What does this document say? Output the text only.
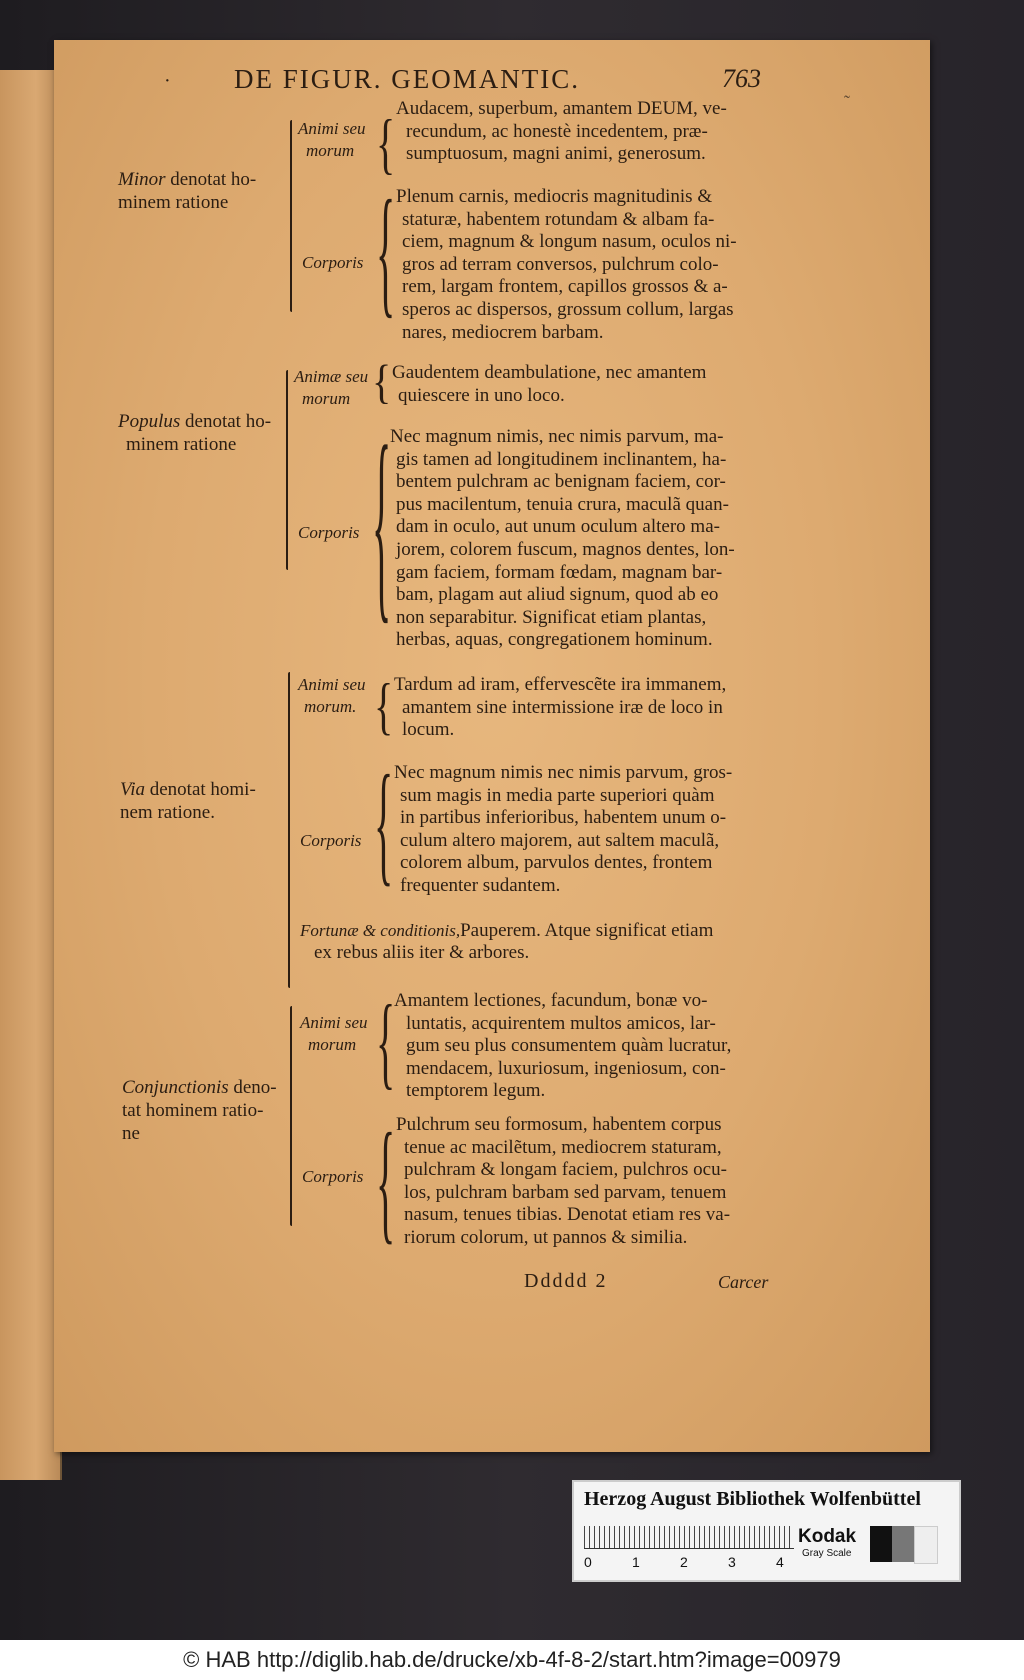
· DE FIGUR. GEOMANTIC.	763
˜
Minor denotat ho-
minem ratione
Animi seu
morum { Audacem, superbum, amantem DEUM, ve-
recundum, ac honestè incedentem, præ-
sumptuosum, magni animi, generosum.
Corporis { Plenum carnis, mediocris magnitudinis &
staturæ, habentem rotundam & albam fa-
ciem, magnum & longum nasum, oculos ni-
gros ad terram conversos, pulchrum colo-
rem, largam frontem, capillos grossos & a-
speros ac dispersos, grossum collum, largas
nares, mediocrem barbam.
Populus denotat ho-
minem ratione
Animæ seu
morum { Gaudentem deambulatione, nec amantem
quiescere in uno loco.
Corporis {
Nec magnum nimis, nec nimis parvum, ma-
gis tamen ad longitudinem inclinantem, ha-
bentem pulchram ac benignam faciem, cor-
pus macilentum, tenuia crura, maculã quan-
dam in oculo, aut unum oculum altero ma-
jorem, colorem fuscum, magnos dentes, lon-
gam faciem, formam fœdam, magnam bar-
bam, plagam aut aliud signum, quod ab eo
non separabitur. Significat etiam plantas,
herbas, aquas, congregationem hominum.
Via denotat homi-
nem ratione.
Animi seu
morum. { Tardum ad iram, effervescẽte ira immanem,
amantem sine intermissione iræ de loco in
locum.
Corporis { Nec magnum nimis nec nimis parvum, gros-
sum magis in media parte superiori quàm
in partibus inferioribus, habentem unum o-
culum altero majorem, aut saltem maculã,
colorem album, parvulos dentes, frontem
frequenter sudantem.
Fortunæ & conditionis,Pauperem. Atque significat etiam
ex rebus aliis iter & arbores.
Conjunctionis deno-
tat hominem ratio-
ne
Animi seu
morum {
Amantem lectiones, facundum, bonæ vo-
luntatis, acquirentem multos amicos, lar-
gum seu plus consumentem quàm lucratur,
mendacem, luxuriosum, ingeniosum, con-
temptorem legum.
Corporis { Pulchrum seu formosum, habentem corpus
tenue ac macilẽtum, mediocrem staturam,
pulchram & longam faciem, pulchros ocu-
los, pulchram barbam sed parvam, tenuem
nasum, tenues tibias. Denotat etiam res va-
riorum colorum, ut pannos & similia.
Ddddd 2	Carcer
Herzog August Bibliothek Wolfenbüttel
0	1	2	3	4
Kodak
Gray Scale
© HAB http://diglib.hab.de/drucke/xb-4f-8-2/start.htm?image=00979
